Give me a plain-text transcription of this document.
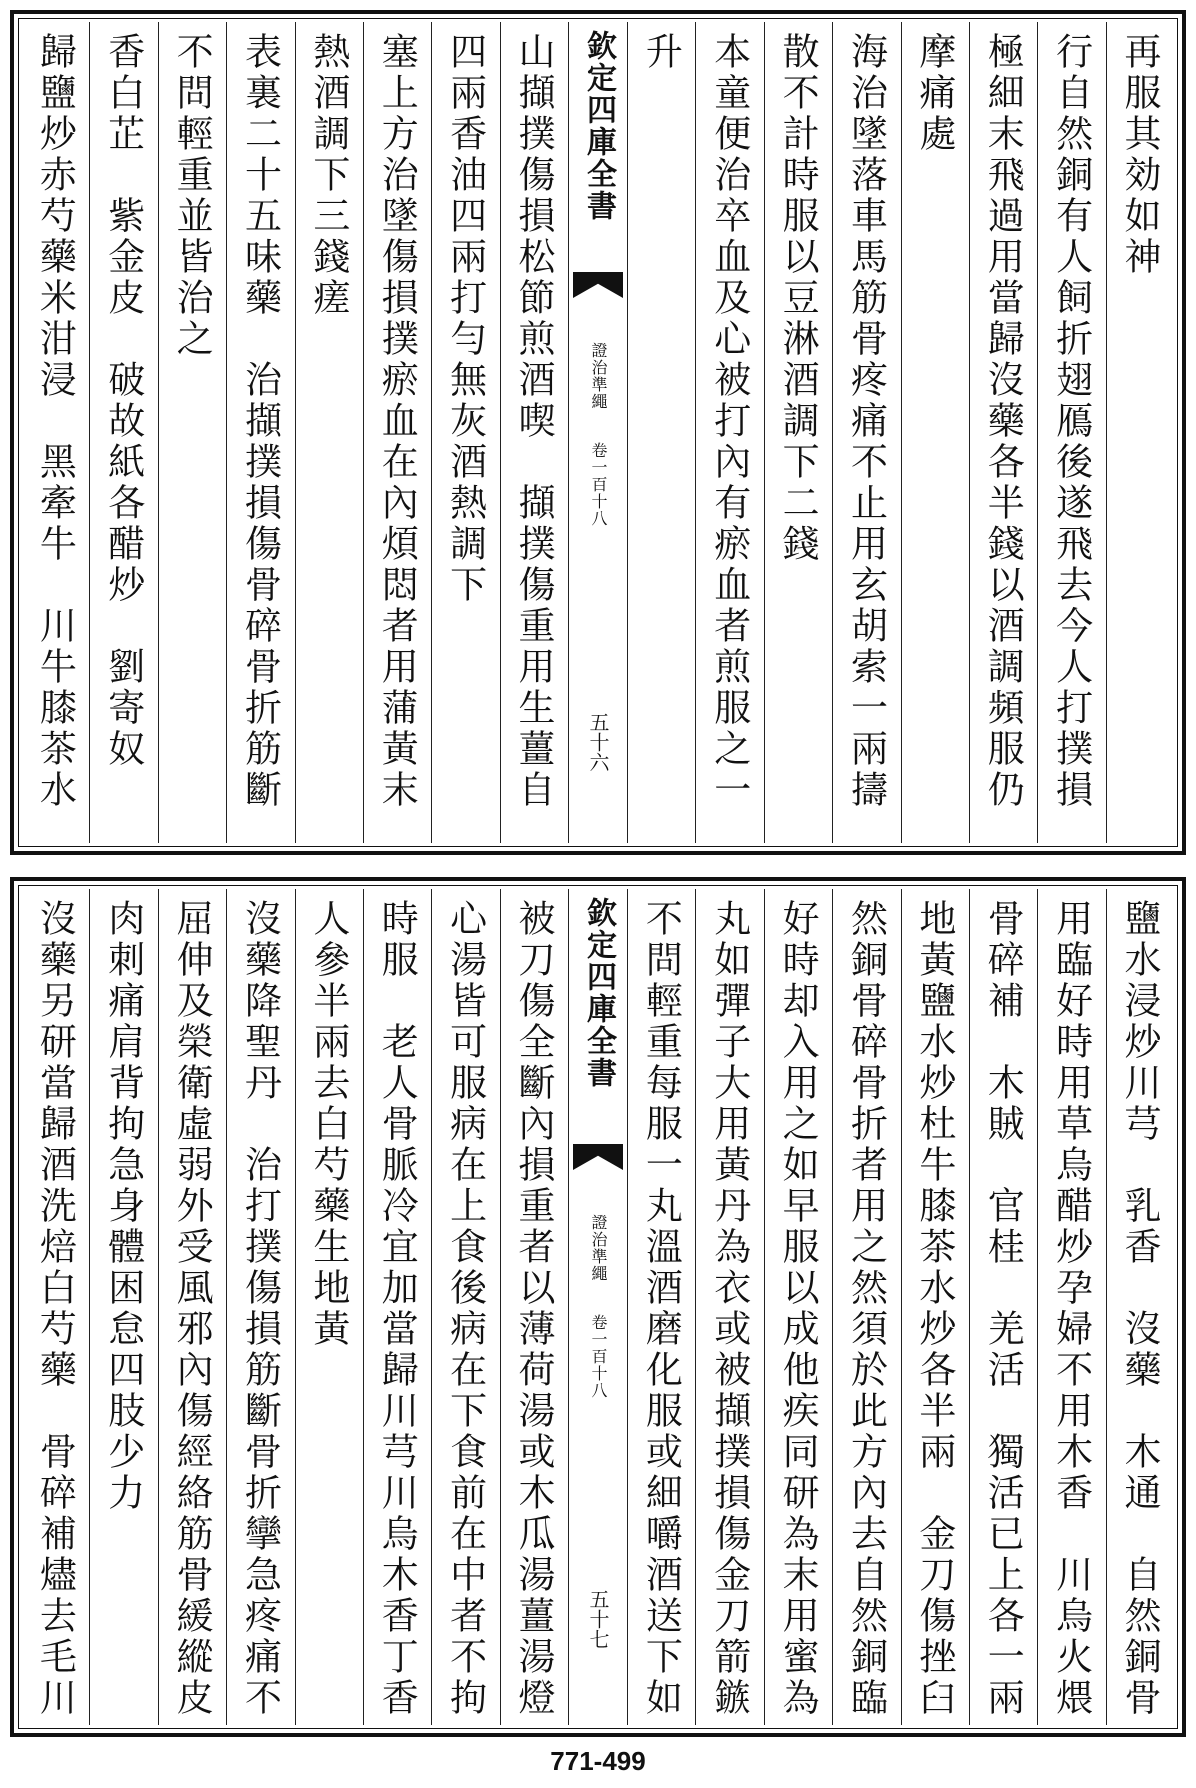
再服其効如神
行自然銅有人飼折翅鴈後遂飛去今人打撲損
極細末飛過用當歸沒藥各半錢以酒調頻服仍
摩痛處
海治墜落車馬筋骨疼痛不止用玄胡索一兩擣
散不計時服以豆淋酒調下二錢
本童便治卒血及心被打內有瘀血者煎服之一
升
欽定四庫全書
證治準繩
卷一百十八
五十六
山擷撲傷損松節煎酒喫　擷撲傷重用生薑自
四兩香油四兩打勻無灰酒熱調下
塞上方治墜傷損撲瘀血在內煩悶者用蒲黃末
熱酒調下三錢瘥
表裏二十五味藥　治擷撲損傷骨碎骨折筋斷
不問輕重並皆治之
香白芷　紫金皮　破故紙各醋炒　劉寄奴　
歸鹽炒赤芍藥米泔浸　黑牽牛　川牛膝茶水　
鹽水浸炒川芎　乳香　沒藥　木通　自然銅骨
用臨好時用草烏醋炒孕婦不用木香　川烏火煨
骨碎補　木賊　官桂　羌活　獨活已上各一兩
地黃鹽水炒杜牛膝茶水炒各半兩　金刀傷挫臼
然銅骨碎骨折者用之然須於此方內去自然銅臨
好時却入用之如早服以成他疾同研為末用蜜為
丸如彈子大用黃丹為衣或被擷撲損傷金刀箭鏃
不問輕重每服一丸溫酒磨化服或細嚼酒送下如
欽定四庫全書
證治準繩
卷一百十八
五十七
被刀傷全斷內損重者以薄荷湯或木瓜湯薑湯燈
心湯皆可服病在上食後病在下食前在中者不拘
時服　老人骨脈冷宜加當歸川芎川烏木香丁香
人參半兩去白芍藥生地黃
沒藥降聖丹　治打撲傷損筋斷骨折攣急疼痛不
屈伸及榮衛虛弱外受風邪內傷經絡筋骨緩縱皮
肉刺痛肩背拘急身體困怠四肢少力
沒藥另研當歸酒洗焙白芍藥　骨碎補燼去毛川
771-499
